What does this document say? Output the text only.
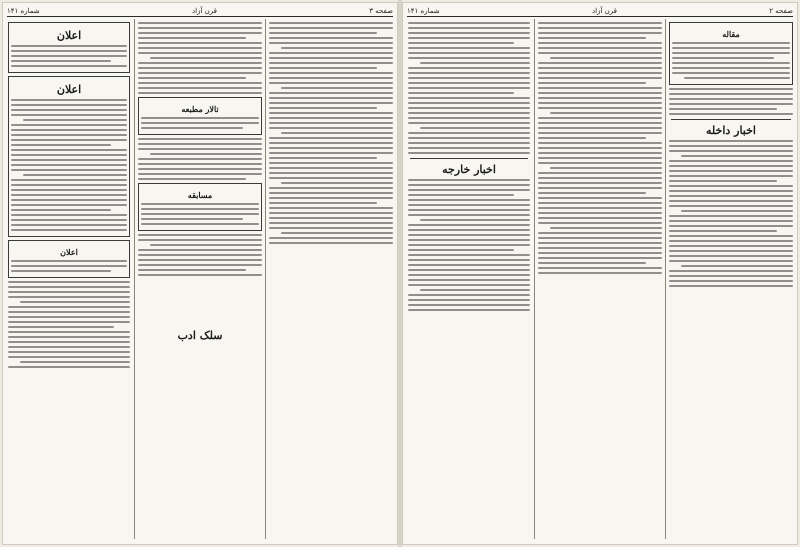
صفحه ۳
قرن آزاد
شماره ۱۴۱
تالار مطبعه
مسابقه
اعلان
اعلان
اعلان
سلک ادب
صفحه ۲
قرن آزاد
شماره ۱۴۱
مقاله
اخبار داخله
اخبار خارجه
